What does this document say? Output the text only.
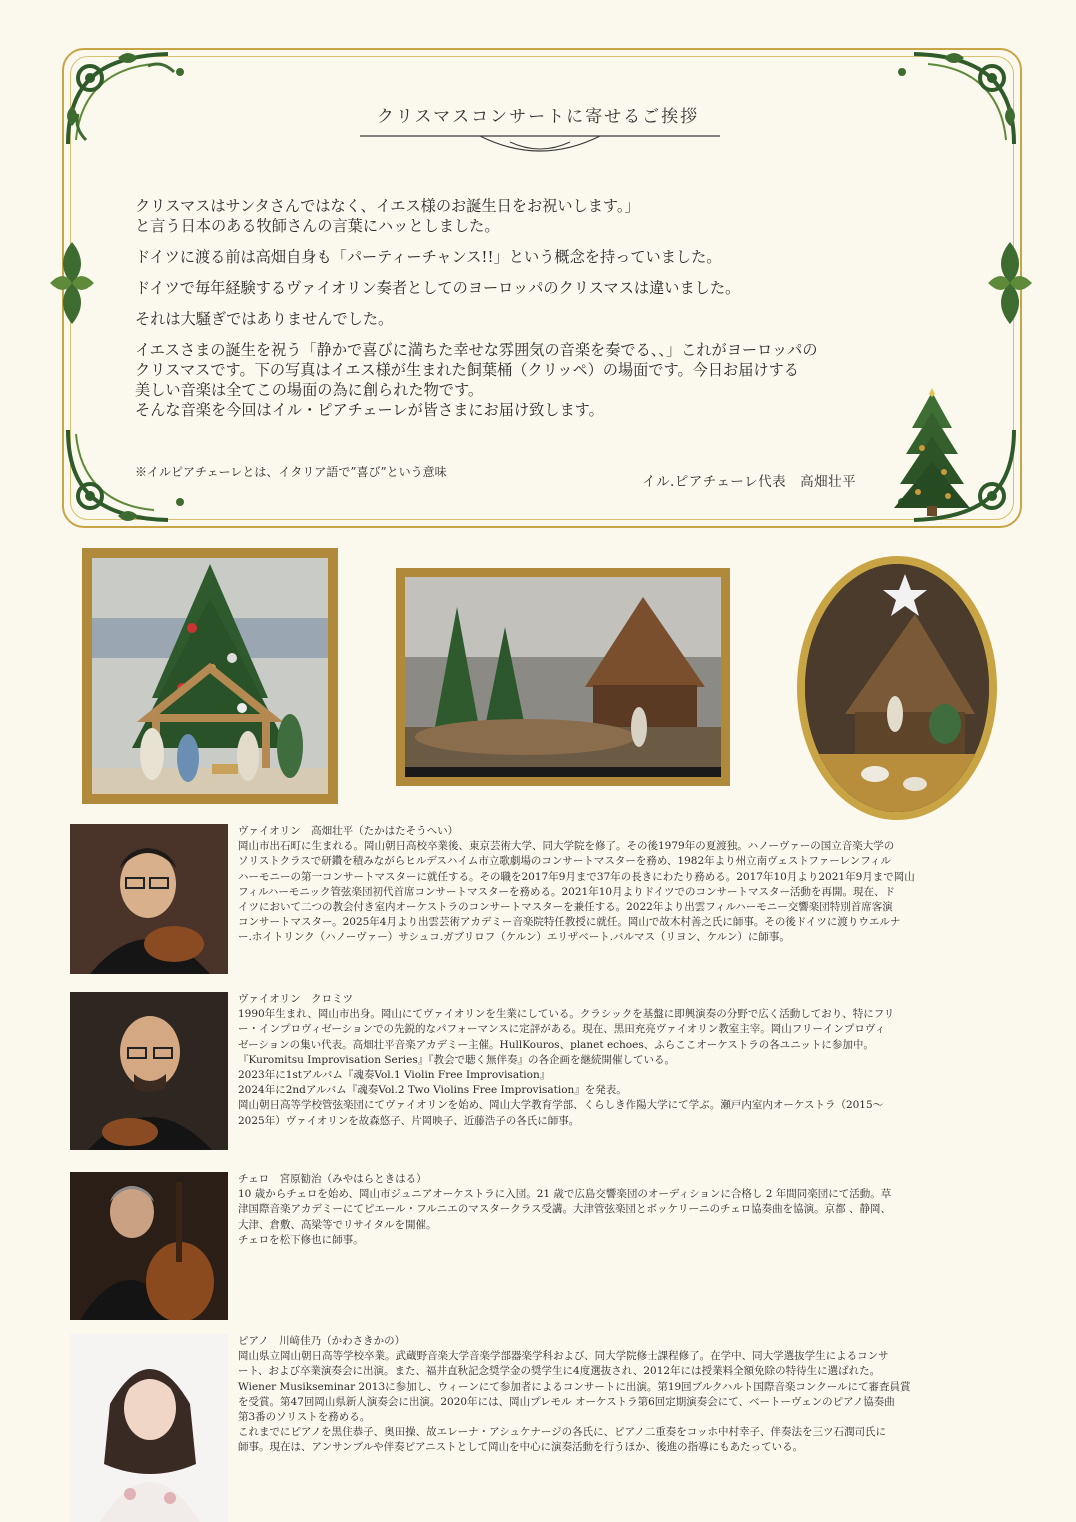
クリスマスコンサートに寄せるご挨拶

クリスマスはサンタさんではなく、イエス様のお誕生日をお祝いします。」
と言う日本のある牧師さんの言葉にハッとしました。

ドイツに渡る前は高畑自身も「パーティーチャンス!!」という概念を持っていました。

ドイツで毎年経験するヴァイオリン奏者としてのヨーロッパのクリスマスは違いました。

それは大騒ぎではありませんでした。

イエスさまの誕生を祝う「静かで喜びに満ちた幸せな雰囲気の音楽を奏でる、、」これがヨーロッパの
クリスマスです。下の写真はイエス様が生まれた飼葉桶（クリッペ）の場面です。今日お届けする
美しい音楽は全てこの場面の為に創られた物です。
そんな音楽を今回はイル・ピアチェーレが皆さまにお届け致します。

※イルピアチェーレとは、イタリア語で”喜び”という意味
イル.ピアチェーレ代表　高畑壮平
ヴァイオリン　高畑壮平（たかはたそうへい）
岡山市出石町に生まれる。岡山朝日高校卒業後、東京芸術大学、同大学院を修了。その後1979年の夏渡独。ハノーヴァーの国立音楽大学の
ソリストクラスで研鑽を積みながらヒルデスハイム市立歌劇場のコンサートマスターを務め、1982年より州立南ヴェストファーレンフィル
ハーモニーの第一コンサートマスターに就任する。その職を2017年9月まで37年の長きにわたり務める。2017年10月より2021年9月まで岡山
フィルハーモニック管弦楽団初代首席コンサートマスターを務める。2021年10月よりドイツでのコンサートマスター活動を再開。現在、ド
イツにおいて二つの教会付き室内オーケストラのコンサートマスターを兼任する。2022年より出雲フィルハーモニー交響楽団特別首席客演
コンサートマスター。2025年4月より出雲芸術アカデミー音楽院特任教授に就任。岡山で故木村善之氏に師事。その後ドイツに渡りウエルナ
ー.ホイトリンク（ハノーヴァー）サシュコ.ガブリロフ（ケルン）エリザベート.バルマス（リヨン、ケルン）に師事。
ヴァイオリン　クロミツ
1990年生まれ、岡山市出身。岡山にてヴァイオリンを生業にしている。クラシックを基盤に即興演奏の分野で広く活動しており、特にフリ
ー・インプロヴィゼーションでの先鋭的なパフォーマンスに定評がある。現在、黒田充亮ヴァイオリン教室主宰。岡山フリーインプロヴィ
ゼーションの集い代表。高畑壮平音楽アカデミー主催。HullKouros、planet echoes、ふらここオーケストラの各ユニットに参加中。
『Kuromitsu Improvisation Series』『教会で聴く無伴奏』の各企画を継続開催している。
2023年に1stアルバム『魂奏Vol.1 Violin Free Improvisation』
2024年に2ndアルバム『魂奏Vol.2 Two Violins Free Improvisation』を発表。
岡山朝日高等学校管弦楽団にてヴァイオリンを始め、岡山大学教育学部、くらしき作陽大学にて学ぶ。瀬戸内室内オーケストラ（2015～
2025年）ヴァイオリンを故森悠子、片岡映子、近藤浩子の各氏に師事。
チェロ　宮原勧治（みやはらときはる）
10 歳からチェロを始め、岡山市ジュニアオーケストラに入団。21 歳で広島交響楽団のオーディションに合格し 2 年間同楽団にて活動。草
津国際音楽アカデミーにてピエール・フルニエのマスタークラス受講。大津管弦楽団とボッケリーニのチェロ協奏曲を協演。京都 、静岡、
大津、倉敷、高梁等でリサイタルを開催。
チェロを松下修也に師事。
ピアノ　川﨑佳乃（かわさきかの）
岡山県立岡山朝日高等学校卒業。武蔵野音楽大学音楽学部器楽学科および、同大学院修士課程修了。在学中、同大学選抜学生によるコンサ
ート、および卒業演奏会に出演。また、福井直秋記念奨学金の奨学生に4度選抜され、2012年には授業料全額免除の特待生に選ばれた。
Wiener Musikseminar 2013に参加し、ウィーンにて参加者によるコンサートに出演。第19回ブルクハルト国際音楽コンクールにて審査員賞
を受賞。第47回岡山県新人演奏会に出演。2020年には、岡山プレモル オーケストラ第6回定期演奏会にて、ベートーヴェンのピアノ協奏曲
第3番のソリストを務める。
これまでにピアノを黒住恭子、奥田操、故エレーナ・アシュケナージの各氏に、ピアノ二重奏をコッホ中村幸子、伴奏法を三ツ石潤司氏に
師事。現在は、アンサンブルや伴奏ピアニストとして岡山を中心に演奏活動を行うほか、後進の指導にもあたっている。
